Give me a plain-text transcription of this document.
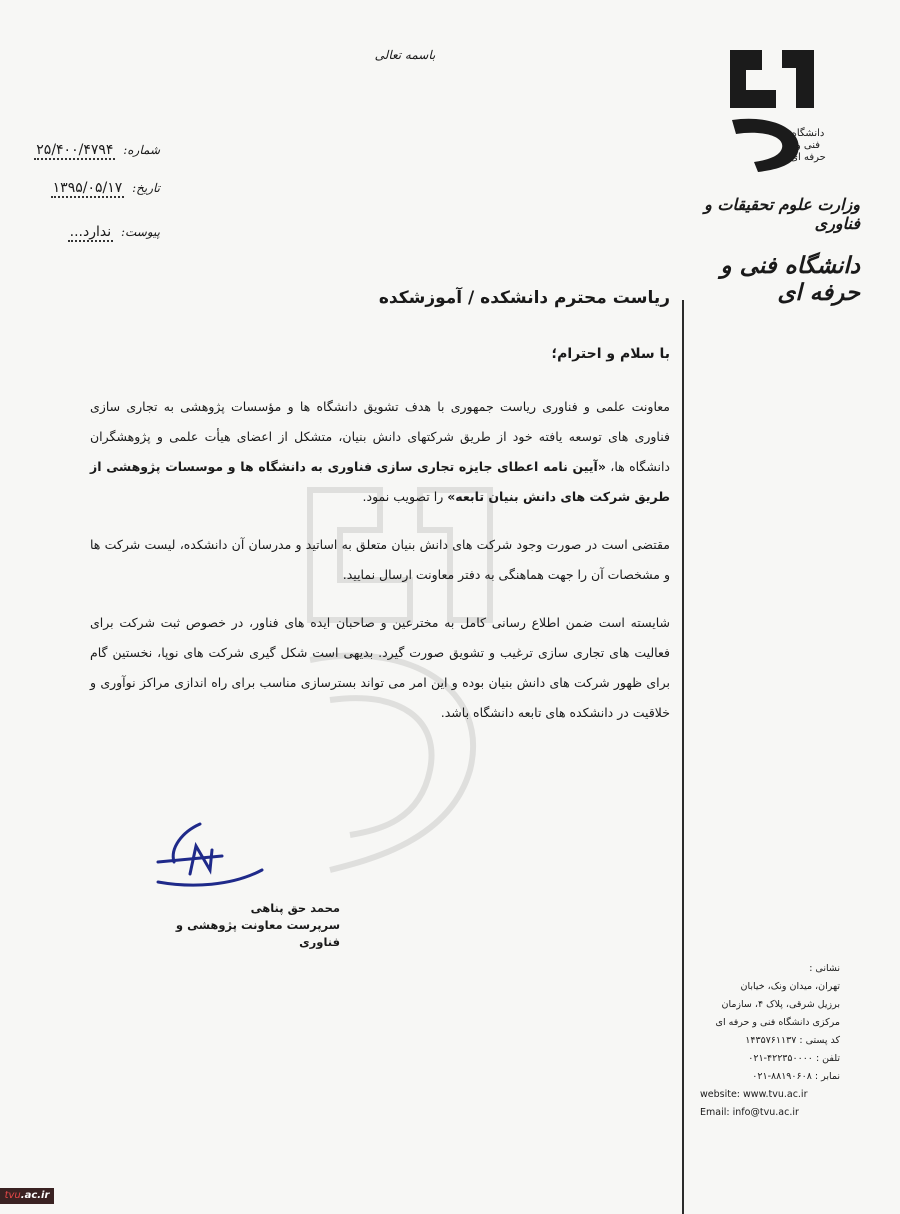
دانشگاه فنی و حرفه ای
وزارت علوم تحقیقات و فناوری
دانشگاه فنی و حرفه ای
باسمه تعالی
شماره: ۲۵/۴۰۰/۴۷۹۴
تاریخ: ۱۳۹۵/۰۵/۱۷
پیوست: ندارد...
ریاست محترم دانشکده / آموزشکده
با سلام و احترام؛

معاونت علمی و فناوری ریاست جمهوری با هدف تشویق دانشگاه ها و مؤسسات پژوهشی به تجاری سازی فناوری های توسعه یافته خود از طریق شرکتهای دانش بنیان، متشکل از اعضای هیأت علمی و پژوهشگران دانشگاه ها، «آیین نامه اعطای جایزه تجاری سازی فناوری به دانشگاه ها و موسسات پژوهشی از طریق شرکت های دانش بنیان تابعه» را تصویب نمود.

مقتضی است در صورت وجود شرکت های دانش بنیان متعلق به اساتید و مدرسان آن دانشکده، لیست شرکت ها و مشخصات آن را جهت هماهنگی به دفتر معاونت ارسال نمایید.

شایسته است ضمن اطلاع رسانی کامل به مخترعین و صاحبان ایده های فناور، در خصوص ثبت شرکت برای فعالیت های تجاری سازی ترغیب و تشویق صورت گیرد. بدیهی است شکل گیری شرکت های نوپا، نخستین گام برای ظهور شرکت های دانش بنیان بوده و این امر می تواند بسترسازی مناسب برای راه اندازی مراکز نوآوری و خلاقیت در دانشکده های تابعه دانشگاه باشد.

محمد حق پناهی
سرپرست معاونت پژوهشی و فناوری
نشانی :
تهران، میدان ونک، خیابان
برزیل شرقی، پلاک ۴، سازمان
مرکزی دانشگاه فنی و حرفه ای
کد پستی : ۱۴۳۵۷۶۱۱۳۷
تلفن : ۰۲۱-۴۲۲۳۵۰۰۰۰
نمابر : ۰۲۱-۸۸۱۹۰۶۰۸
website: www.tvu.ac.ir
Email: info@tvu.ac.ir
tvu.ac.ir
